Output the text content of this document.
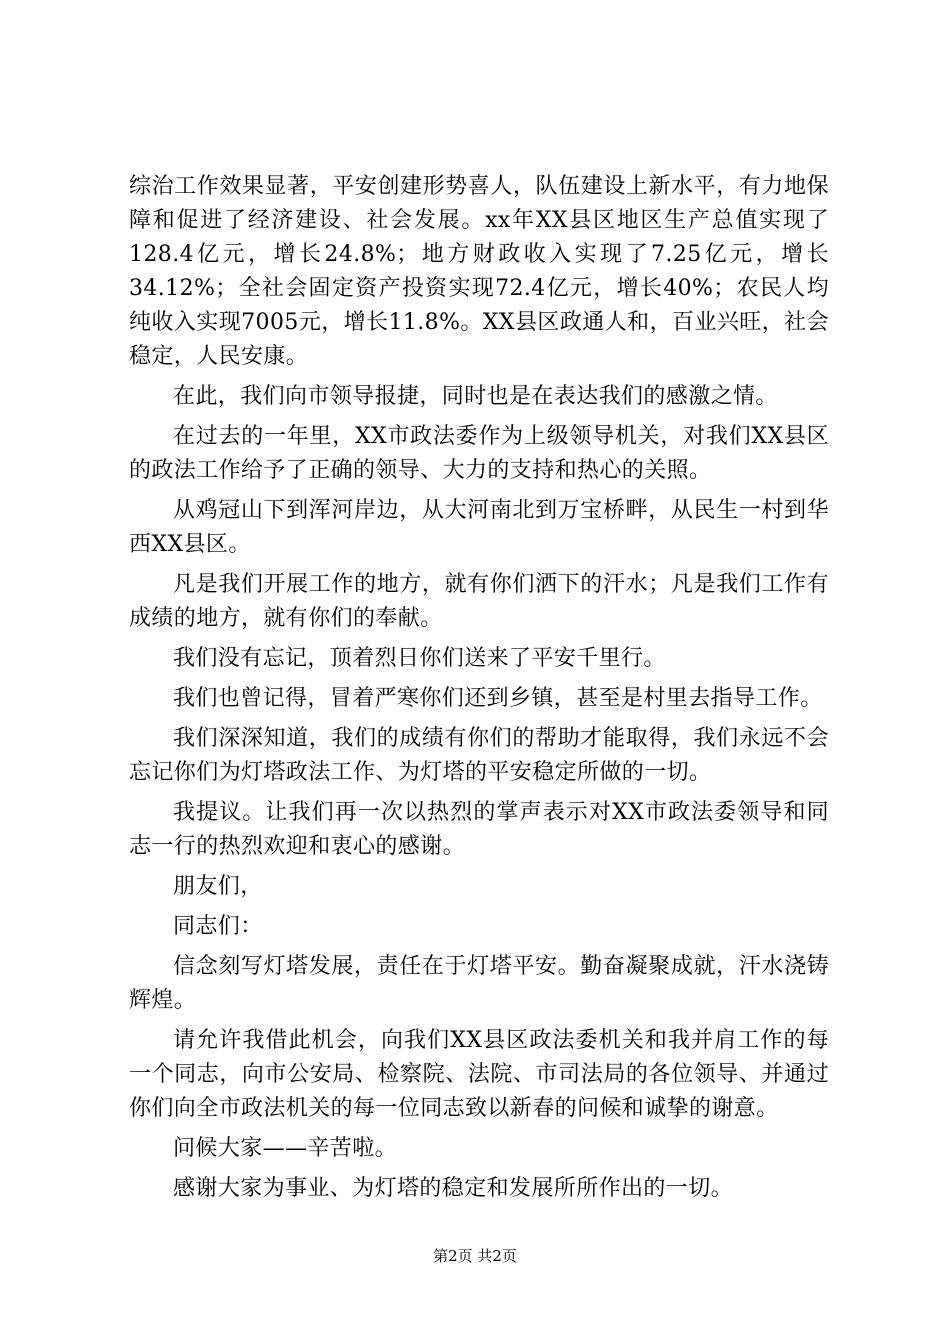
综治工作效果显著，平安创建形势喜人，队伍建设上新水平，有力地保障和促进了经济建设、社会发展。xx年XX县区地区生产总值实现了128.4亿元，增长24.8%；地方财政收入实现了7.25亿元，增长34.12%；全社会固定资产投资实现72.4亿元，增长40%；农民人均纯收入实现7005元，增长11.8%。XX县区政通人和，百业兴旺，社会稳定，人民安康。

在此，我们向市领导报捷，同时也是在表达我们的感激之情。

在过去的一年里，XX市政法委作为上级领导机关，对我们XX县区的政法工作给予了正确的领导、大力的支持和热心的关照。

从鸡冠山下到浑河岸边，从大河南北到万宝桥畔，从民生一村到华西XX县区。

凡是我们开展工作的地方，就有你们洒下的汗水；凡是我们工作有成绩的地方，就有你们的奉献。

我们没有忘记，顶着烈日你们送来了平安千里行。

我们也曾记得，冒着严寒你们还到乡镇，甚至是村里去指导工作。

我们深深知道，我们的成绩有你们的帮助才能取得，我们永远不会忘记你们为灯塔政法工作、为灯塔的平安稳定所做的一切。

我提议。让我们再一次以热烈的掌声表示对XX市政法委领导和同志一行的热烈欢迎和衷心的感谢。

朋友们，

同志们：

信念刻写灯塔发展，责任在于灯塔平安。勤奋凝聚成就，汗水浇铸辉煌。

请允许我借此机会，向我们XX县区政法委机关和我并肩工作的每一个同志，向市公安局、检察院、法院、市司法局的各位领导、并通过你们向全市政法机关的每一位同志致以新春的问候和诚挚的谢意。

问候大家——辛苦啦。

感谢大家为事业、为灯塔的稳定和发展所所作出的一切。

第2页 共2页
